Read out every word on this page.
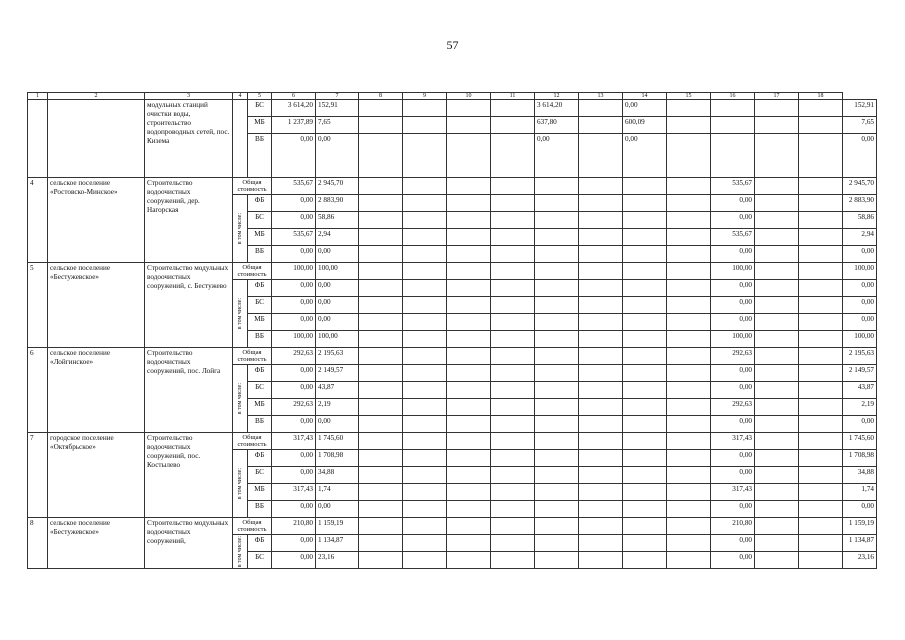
57
1	2	3	4	5	6	7	8	9	10	11	12	13	14	15	16	17	18	
		модульных станций очистки воды, строительство водопроводных сетей, пос. Кизема		БС	3 614,20	152,91					3 614,20		0,00					152,91
				МБ	1 237,89	7,65					637,80		600,09					7,65
				ВБ	0,00	0,00					0,00		0,00					0,00
4	сельское поселение «Ростовско-Минское»	Строительство водоочистных сооружений, дер. Нагорская	Общая стоимость		535,67	2 945,70									535,67			2 945,70

			в том числе:	ФБ	0,00	2 883,90									0,00			2 883,90
				БС	0,00	58,86									0,00			58,86
				МБ	535,67	2,94									535,67			2,94
				ВБ	0,00	0,00									0,00			0,00
5	сельское поселение «Бестужевское»	Строительство модульных водоочистных сооружений, с. Бестужево	Общая стоимость		100,00	100,00									100,00			100,00

			в том числе:	ФБ	0,00	0,00									0,00			0,00
				БС	0,00	0,00									0,00			0,00
				МБ	0,00	0,00									0,00			0,00
				ВБ	100,00	100,00									100,00			100,00
6	сельское поселение «Лойгинское»	Строительство водоочистных сооружений, пос. Лойга	Общая стоимость		292,63	2 195,63									292,63			2 195,63

			в том числе:	ФБ	0,00	2 149,57									0,00			2 149,57
				БС	0,00	43,87									0,00			43,87
				МБ	292,63	2,19									292,63			2,19
				ВБ	0,00	0,00									0,00			0,00
7	городское поселение «Октябрьское»	Строительство водоочистных сооружений, пос. Костылево	Общая стоимость		317,43	1 745,60									317,43			1 745,60

			в том числе:	ФБ	0,00	1 708,98									0,00			1 708,98
				БС	0,00	34,88									0,00			34,88
				МБ	317,43	1,74									317,43			1,74
				ВБ	0,00	0,00									0,00			0,00
8	сельское поселение «Бестужевское»	Строительство модульных водоочистных сооружений,	Общая стоимость		210,80	1 159,19									210,80			1 159,19

			в том числе:	ФБ	0,00	1 134,87									0,00			1 134,87
				БС	0,00	23,16									0,00			23,16
